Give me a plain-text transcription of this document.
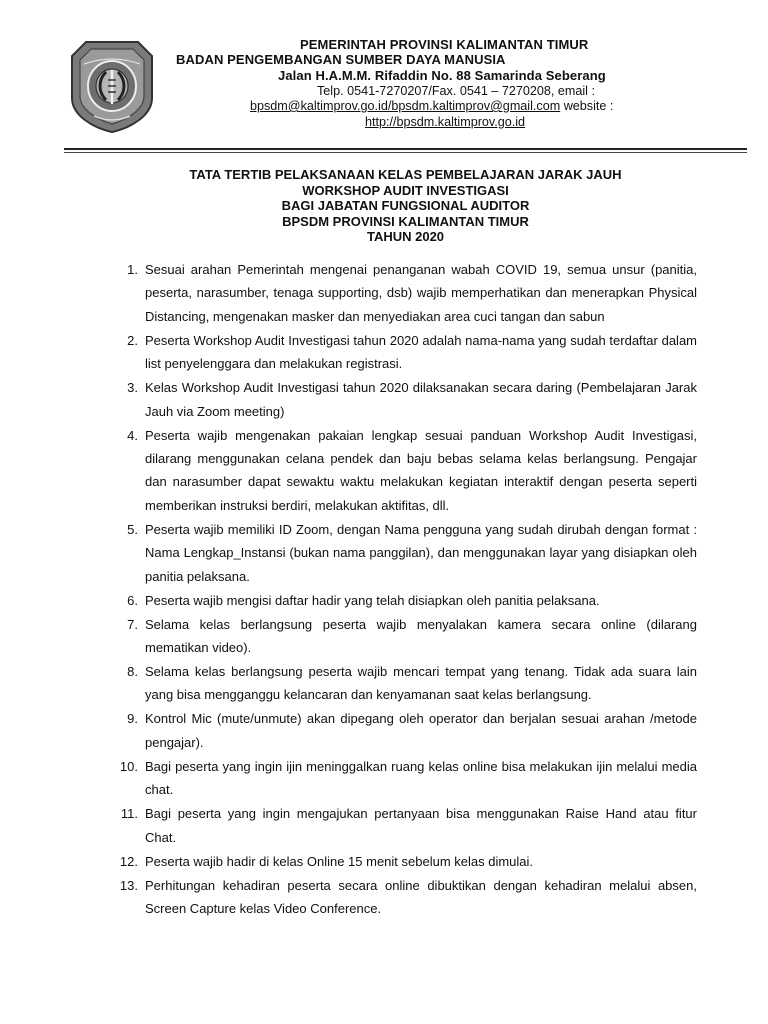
PEMERINTAH PROVINSI KALIMANTAN TIMUR
BADAN PENGEMBANGAN SUMBER DAYA MANUSIA
Jalan H.A.M.M. Rifaddin No. 88 Samarinda Seberang
Telp. 0541-7270207/Fax. 0541 – 7270208, email :
bpsdm@kaltimprov.go.id/bpsdm.kaltimprov@gmail.com website :
http://bpsdm.kaltimprov.go.id
TATA TERTIB PELAKSANAAN KELAS PEMBELAJARAN JARAK JAUH
WORKSHOP AUDIT INVESTIGASI
BAGI JABATAN FUNGSIONAL AUDITOR
BPSDM PROVINSI KALIMANTAN TIMUR
TAHUN 2020
1. Sesuai arahan Pemerintah mengenai penanganan wabah COVID 19, semua unsur (panitia, peserta, narasumber, tenaga supporting, dsb) wajib memperhatikan dan menerapkan Physical Distancing, mengenakan masker dan menyediakan area cuci tangan dan sabun
2. Peserta Workshop Audit Investigasi tahun 2020 adalah nama-nama yang sudah terdaftar dalam list penyelenggara dan melakukan registrasi.
3. Kelas Workshop Audit Investigasi tahun 2020 dilaksanakan secara daring (Pembelajaran Jarak Jauh via Zoom meeting)
4. Peserta wajib mengenakan pakaian lengkap sesuai panduan Workshop Audit Investigasi, dilarang menggunakan celana pendek dan baju bebas selama kelas berlangsung. Pengajar dan narasumber dapat sewaktu waktu melakukan kegiatan interaktif dengan peserta seperti memberikan instruksi berdiri, melakukan aktifitas, dll.
5. Peserta wajib memiliki ID Zoom, dengan Nama pengguna yang sudah dirubah dengan format : Nama Lengkap_Instansi (bukan nama panggilan), dan menggunakan layar yang disiapkan oleh panitia pelaksana.
6. Peserta wajib mengisi daftar hadir yang telah disiapkan oleh panitia pelaksana.
7. Selama kelas berlangsung peserta wajib menyalakan kamera secara online (dilarang mematikan video).
8. Selama kelas berlangsung peserta wajib mencari tempat yang tenang. Tidak ada suara lain yang bisa mengganggu kelancaran dan kenyamanan saat kelas berlangsung.
9. Kontrol Mic (mute/unmute) akan dipegang oleh operator dan berjalan sesuai arahan /metode pengajar).
10. Bagi peserta yang ingin ijin meninggalkan ruang kelas online bisa melakukan ijin melalui media chat.
11. Bagi peserta yang ingin mengajukan pertanyaan bisa menggunakan Raise Hand atau fitur Chat.
12. Peserta wajib hadir di kelas Online 15 menit sebelum kelas dimulai.
13. Perhitungan kehadiran peserta secara online dibuktikan dengan kehadiran melalui absen, Screen Capture kelas Video Conference.
